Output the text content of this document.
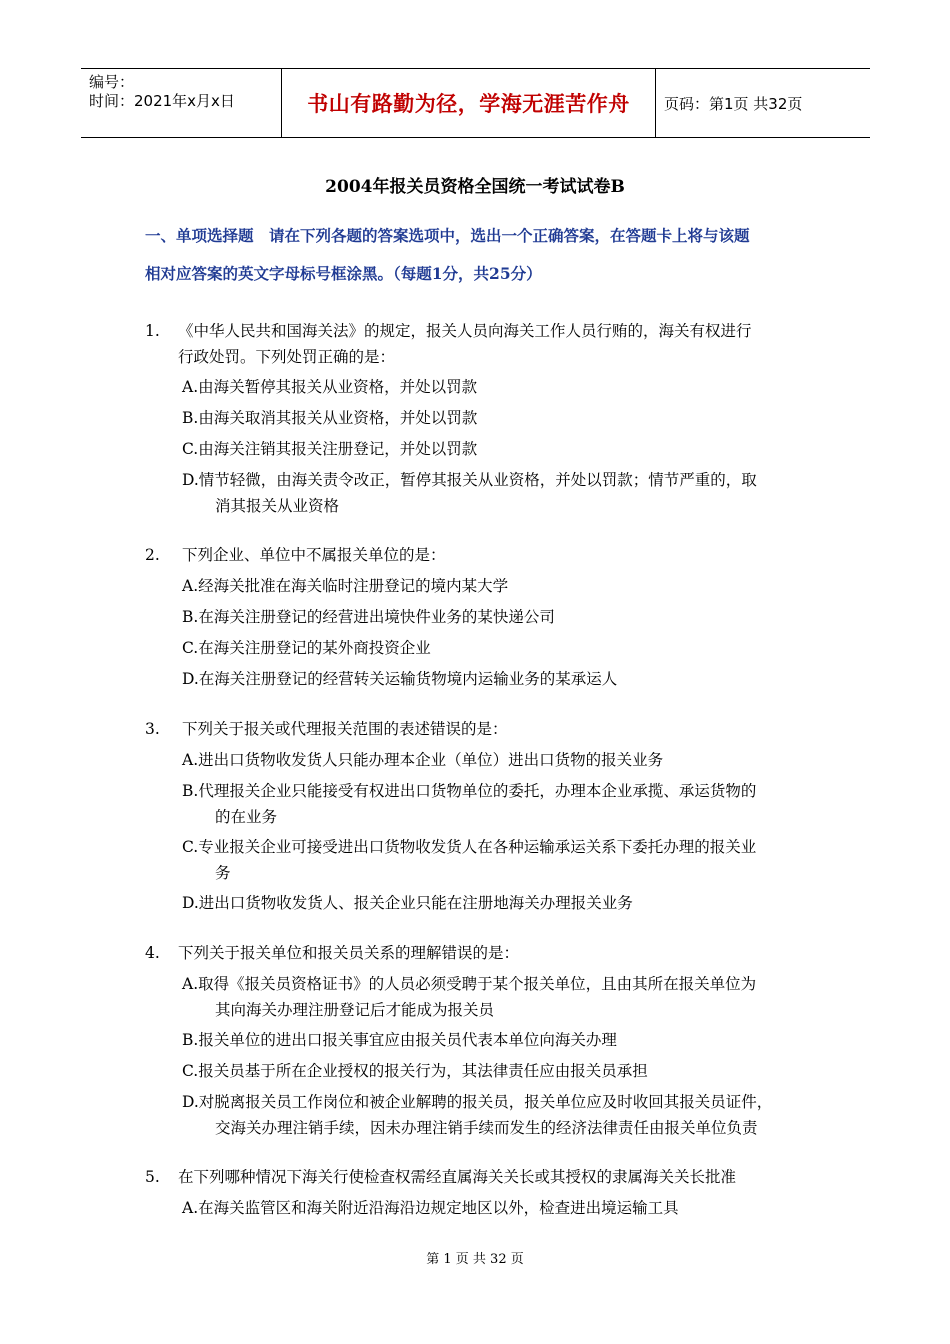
编号：
时间：2021年x月x日	书山有路勤为径，学海无涯苦作舟	页码：第1页 共32页
2004年报关员资格全国统一考试试卷B
一、单项选择题　请在下列各题的答案选项中，选出一个正确答案，在答题卡上将与该题
相对应答案的英文字母标号框涂黑。（每题1分，共25分）
1.	《中华人民共和国海关法》的规定，报关人员向海关工作人员行贿的，海关有权进行
行政处罚。下列处罚正确的是：
A.由海关暂停其报关从业资格，并处以罚款
B.由海关取消其报关从业资格，并处以罚款
C.由海关注销其报关注册登记，并处以罚款
D.情节轻微，由海关责令改正，暂停其报关从业资格，并处以罚款；情节严重的，取
消其报关从业资格
2.	下列企业、单位中不属报关单位的是：
A.经海关批准在海关临时注册登记的境内某大学
B.在海关注册登记的经营进出境快件业务的某快递公司
C.在海关注册登记的某外商投资企业
D.在海关注册登记的经营转关运输货物境内运输业务的某承运人
3.	下列关于报关或代理报关范围的表述错误的是：
A.进出口货物收发货人只能办理本企业（单位）进出口货物的报关业务
B.代理报关企业只能接受有权进出口货物单位的委托，办理本企业承揽、承运货物的
的在业务
C.专业报关企业可接受进出口货物收发货人在各种运输承运关系下委托办理的报关业
务
D.进出口货物收发货人、报关企业只能在注册地海关办理报关业务
4.	下列关于报关单位和报关员关系的理解错误的是：
A.取得《报关员资格证书》的人员必须受聘于某个报关单位，且由其所在报关单位为
其向海关办理注册登记后才能成为报关员
B.报关单位的进出口报关事宜应由报关员代表本单位向海关办理
C.报关员基于所在企业授权的报关行为，其法律责任应由报关员承担
D.对脱离报关员工作岗位和被企业解聘的报关员，报关单位应及时收回其报关员证件，
交海关办理注销手续，因未办理注销手续而发生的经济法律责任由报关单位负责
5.	在下列哪种情况下海关行使检查权需经直属海关关长或其授权的隶属海关关长批准
A.在海关监管区和海关附近沿海沿边规定地区以外，检查进出境运输工具
第 1 页 共 32 页
